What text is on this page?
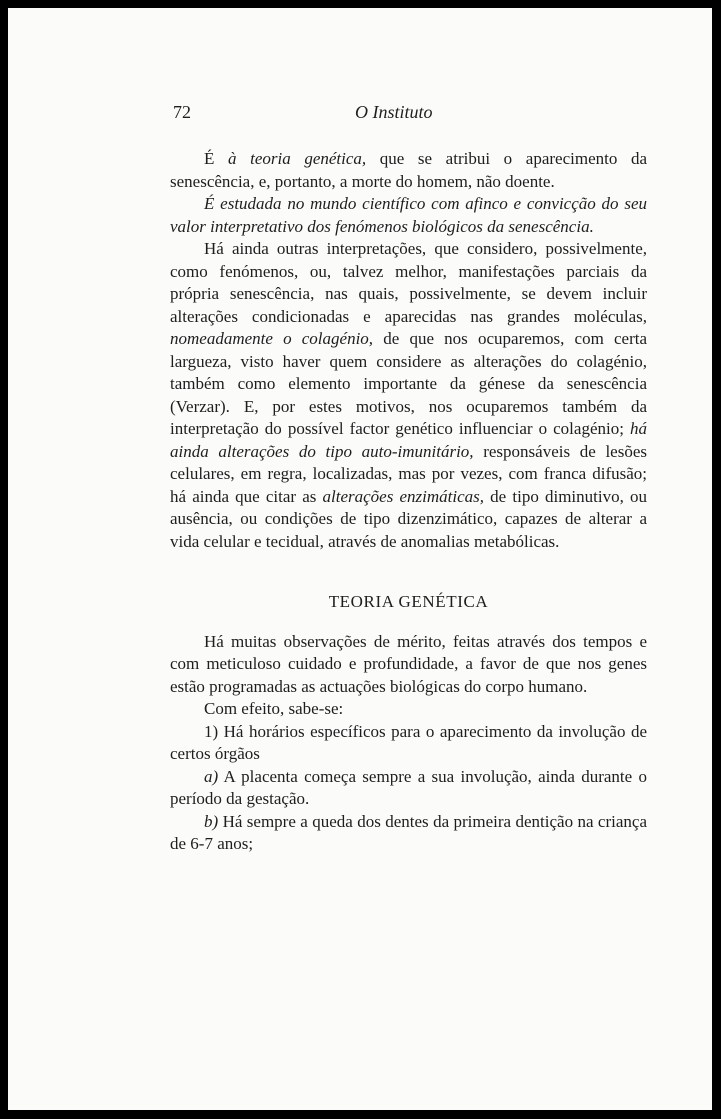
72	O Instituto

É à teoria genética, que se atribui o aparecimento da senescência, e, portanto, a morte do homem, não doente.

É estudada no mundo científico com afinco e convicção do seu valor interpretativo dos fenómenos biológicos da senescência.

Há ainda outras interpretações, que considero, possivelmente, como fenómenos, ou, talvez melhor, manifestações parciais da própria senescência, nas quais, possivelmente, se devem incluir alterações condicionadas e aparecidas nas grandes moléculas, nomeadamente o colagénio, de que nos ocuparemos, com certa largueza, visto haver quem considere as alterações do colagénio, também como elemento importante da génese da senescência (Verzar). E, por estes motivos, nos ocuparemos também da interpretação do possível factor genético influenciar o colagénio; há ainda alterações do tipo auto-imunitário, responsáveis de lesões celulares, em regra, localizadas, mas por vezes, com franca difusão; há ainda que citar as alterações enzimáticas, de tipo diminutivo, ou ausência, ou condições de tipo dizenzimático, capazes de alterar a vida celular e tecidual, através de anomalias metabólicas.

TEORIA GENÉTICA

Há muitas observações de mérito, feitas através dos tempos e com meticuloso cuidado e profundidade, a favor de que nos genes estão programadas as actuações biológicas do corpo humano.

Com efeito, sabe-se:

1) Há horários específicos para o aparecimento da involução de certos órgãos

a) A placenta começa sempre a sua involução, ainda durante o período da gestação.

b) Há sempre a queda dos dentes da primeira dentição na criança de 6-7 anos;
